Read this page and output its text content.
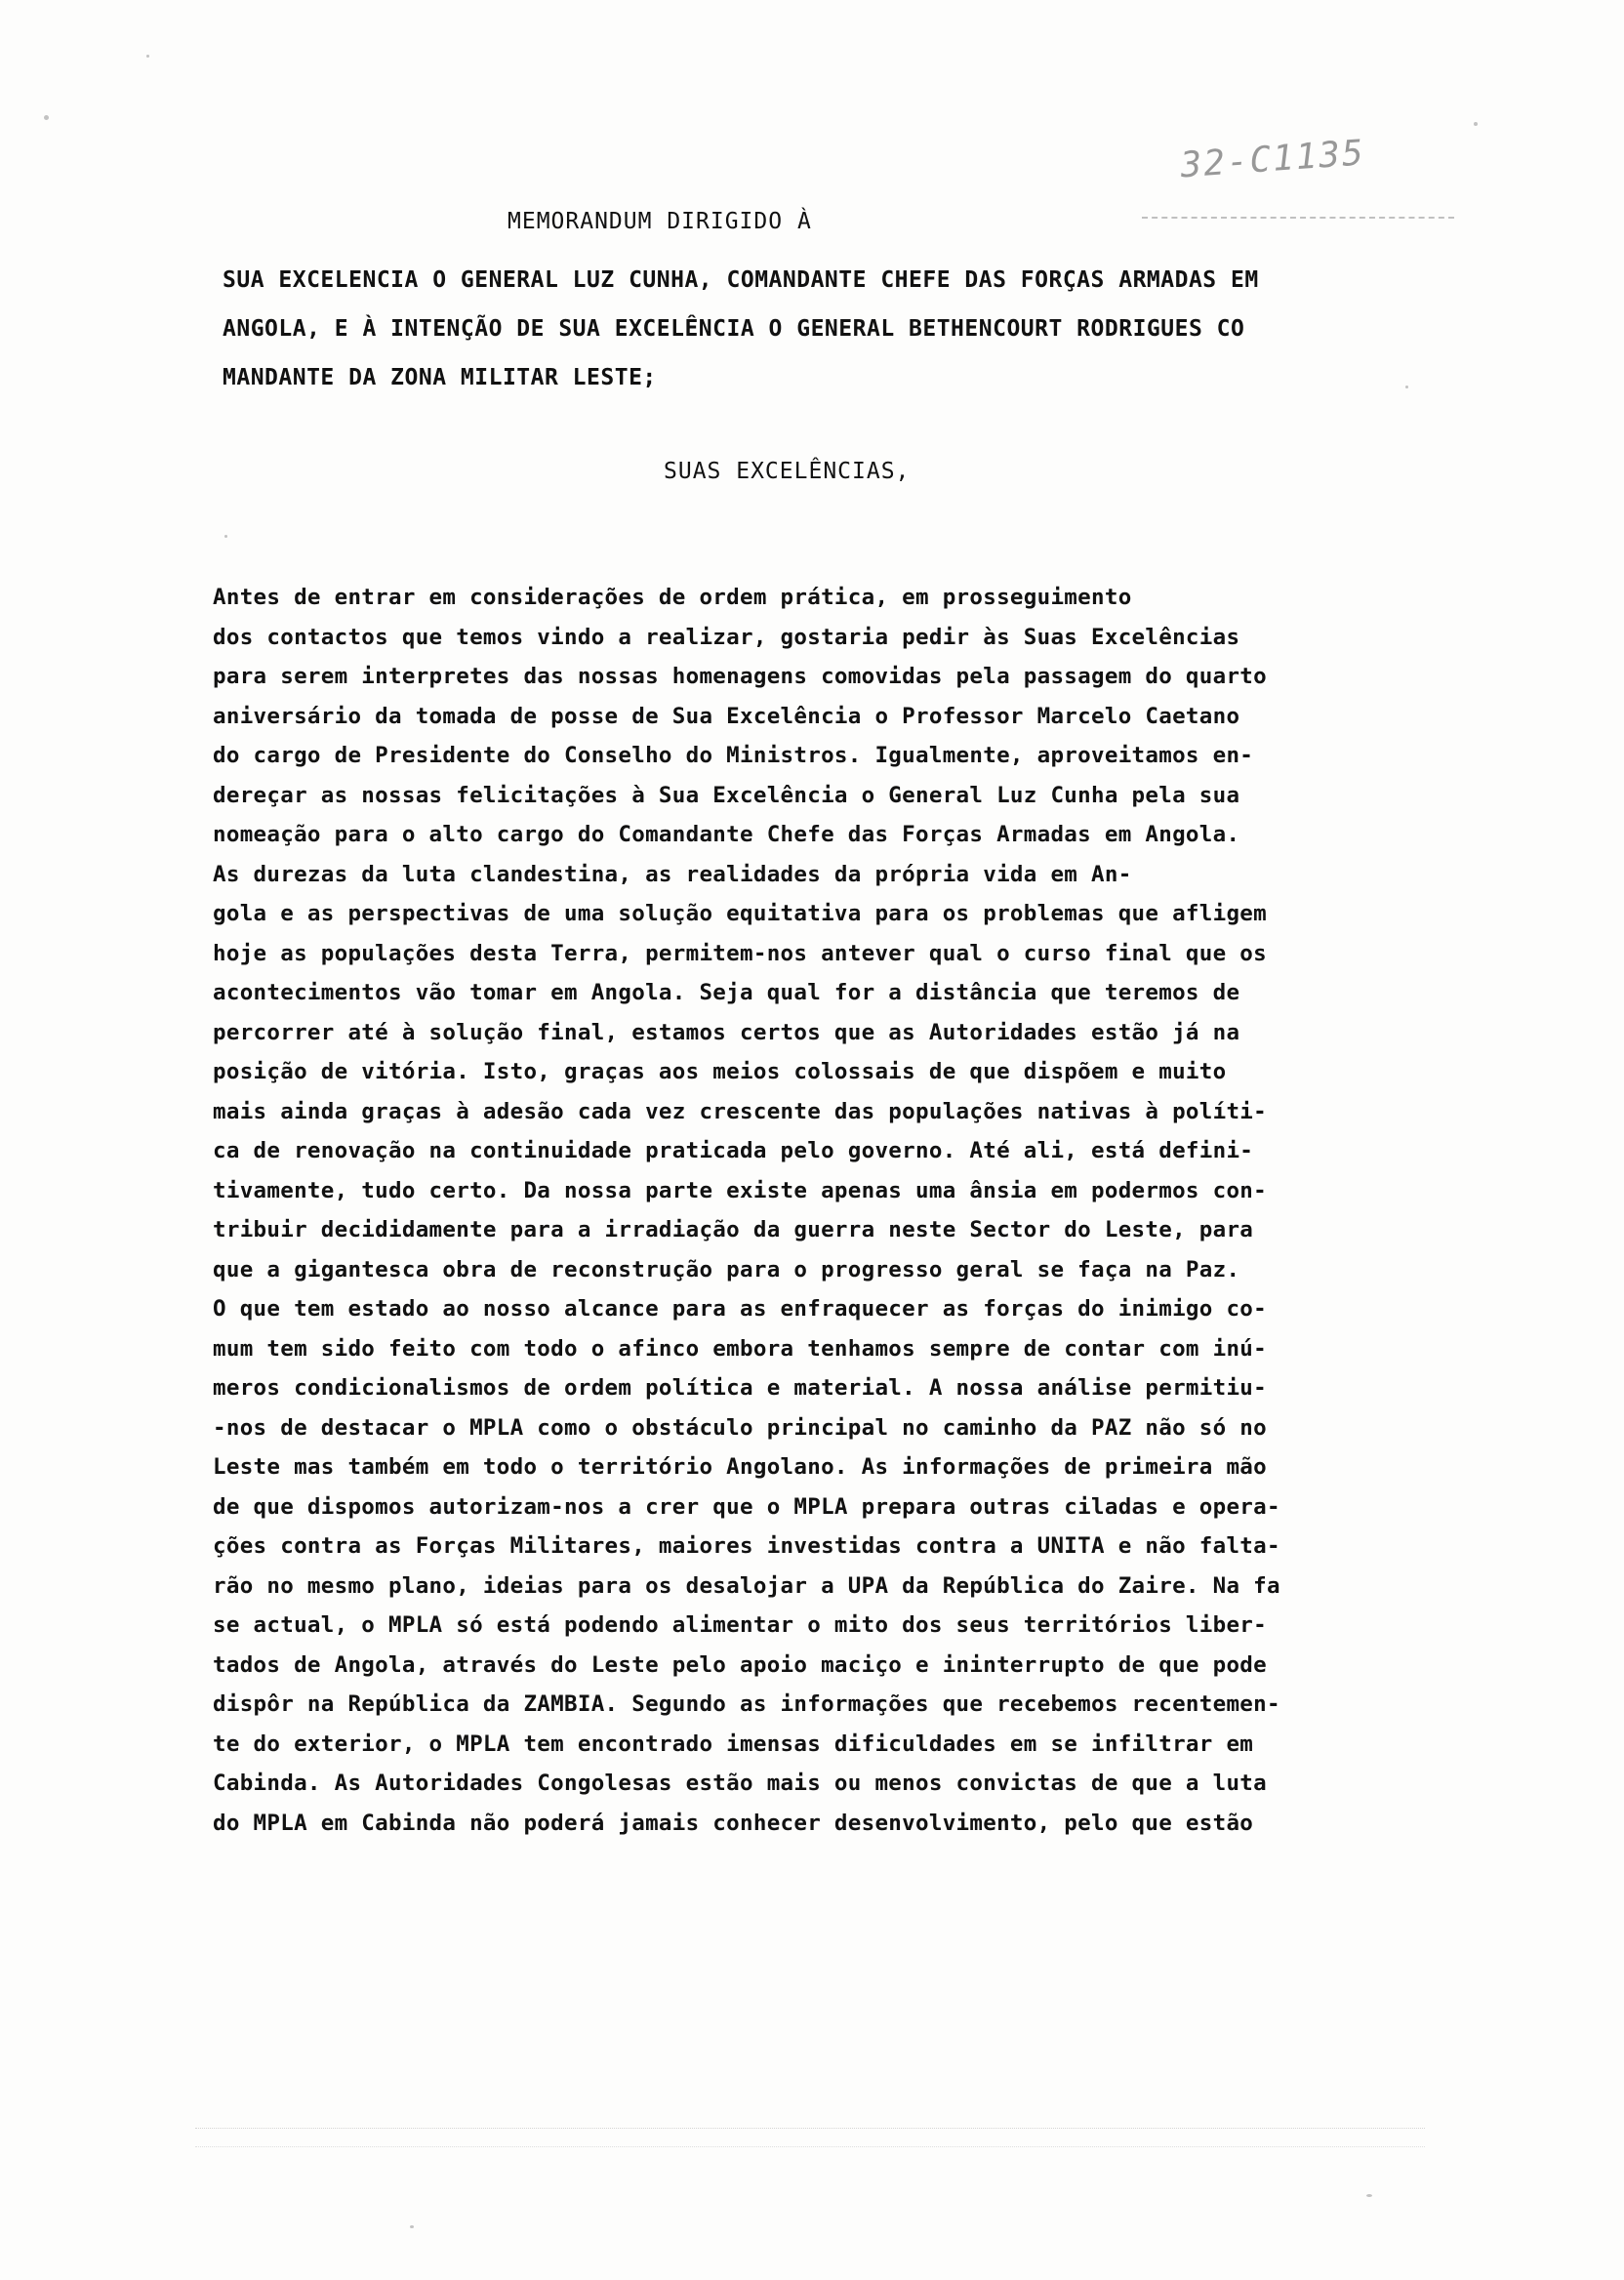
32-C1135
MEMORANDUM DIRIGIDO À
SUA EXCELENCIA O GENERAL LUZ CUNHA, COMANDANTE CHEFE DAS FORÇAS ARMADAS EM
ANGOLA, E À INTENÇÃO DE SUA EXCELÊNCIA O GENERAL BETHENCOURT RODRIGUES CO
MANDANTE DA ZONA MILITAR LESTE;
SUAS EXCELÊNCIAS,
Antes de entrar em considerações de ordem prática, em prosseguimento
dos contactos que temos vindo a realizar, gostaria pedir às Suas Excelências
para serem interpretes das nossas homenagens comovidas pela passagem do quarto
aniversário da tomada de posse de Sua Excelência o Professor Marcelo Caetano
do cargo de Presidente do Conselho do Ministros. Igualmente, aproveitamos en-
dereçar as nossas felicitações à Sua Excelência o General Luz Cunha pela sua
nomeação para o alto cargo do Comandante Chefe das Forças Armadas em Angola.
As durezas da luta clandestina, as realidades da própria vida em An-
gola e as perspectivas de uma solução equitativa para os problemas que afligem
hoje as populações desta Terra, permitem-nos antever qual o curso final que os
acontecimentos vão tomar em Angola. Seja qual for a distância que teremos de
percorrer até à solução final, estamos certos que as Autoridades estão já na
posição de vitória. Isto, graças aos meios colossais de que dispõem e muito
mais ainda graças à adesão cada vez crescente das populações nativas à políti-
ca de renovação na continuidade praticada pelo governo. Até ali, está defini-
tivamente, tudo certo. Da nossa parte existe apenas uma ânsia em podermos con-
tribuir decididamente para a irradiação da guerra neste Sector do Leste, para
que a gigantesca obra de reconstrução para o progresso geral se faça na Paz.
O que tem estado ao nosso alcance para as enfraquecer as forças do inimigo co-
mum tem sido feito com todo o afinco embora tenhamos sempre de contar com inú-
meros condicionalismos de ordem política e material. A nossa análise permitiu-
-nos de destacar o MPLA como o obstáculo principal no caminho da PAZ não só no
Leste mas também em todo o território Angolano. As informações de primeira mão
de que dispomos autorizam-nos a crer que o MPLA prepara outras ciladas e opera-
ções contra as Forças Militares, maiores investidas contra a UNITA e não falta-
rão no mesmo plano, ideias para os desalojar a UPA da República do Zaire. Na fa
se actual, o MPLA só está podendo alimentar o mito dos seus territórios liber-
tados de Angola, através do Leste pelo apoio maciço e ininterrupto de que pode
dispôr na República da ZAMBIA. Segundo as informações que recebemos recentemen-
te do exterior, o MPLA tem encontrado imensas dificuldades em se infiltrar em
Cabinda. As Autoridades Congolesas estão mais ou menos convictas de que a luta
do MPLA em Cabinda não poderá jamais conhecer desenvolvimento, pelo que estão
